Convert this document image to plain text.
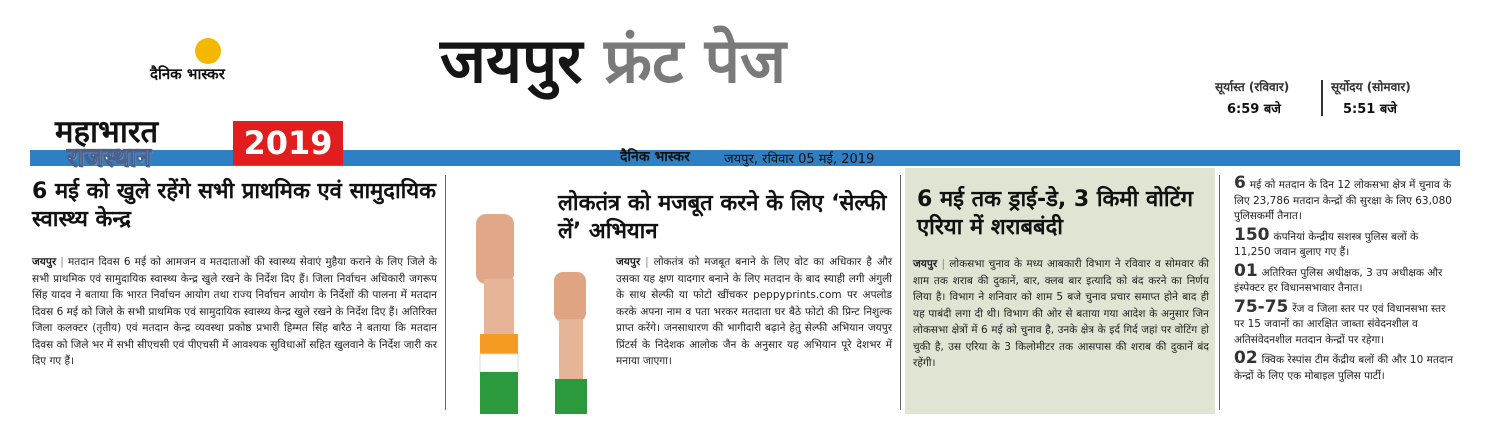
दैनिक भास्कर	जयपुर फ्रंट पेज	सूर्यास्त (रविवार)
6:59 बजे
सूर्योदय (सोमवार)
5:51 बजे
दैनिक भास्कर	जयपुर, रविवार 05 मई, 2019
महाभारत
राजस्थान	2019
6 मई को खुले रहेंगे सभी प्राथमिक एवं सामुदायिक स्वास्थ्य केन्द्र
जयपुर | मतदान दिवस 6 मई को आमजन व मतदाताओं की स्वास्थ्य सेवाएं मुहैया कराने के लिए जिले के सभी प्राथमिक एवं सामुदायिक स्वास्थ्य केन्द्र खुले रखने के निर्देश दिए हैं। जिला निर्वाचन अधिकारी जगरूप सिंह यादव ने बताया कि भारत निर्वाचन आयोग तथा राज्य निर्वाचन आयोग के निर्देशों की पालना में मतदान दिवस 6 मई को जिले के सभी प्राथमिक एवं सामुदायिक स्वास्थ्य केन्द्र खुले रखने के निर्देश दिए हैं। अतिरिक्त जिला कलक्टर (तृतीय) एवं मतदान केन्द्र व्यवस्था प्रकोष्ठ प्रभारी हिम्मत सिंह बारैठ ने बताया कि मतदान दिवस को जिले भर में सभी सीएचसी एवं पीएचसी में आवश्यक सुविधाओं सहित खुलवाने के निर्देश जारी कर दिए गए हैं।
लोकतंत्र को मजबूत करने के लिए ‘सेल्फी लें’ अभियान
जयपुर | लोकतंत्र को मजबूत बनाने के लिए वोट का अधिकार है और उसका यह क्षण यादगार बनाने के लिए मतदान के बाद स्याही लगी अंगुली के साथ सेल्फी या फोटो खींचकर peppyprints.com पर अपलोड करके अपना नाम व पता भरकर मतदाता घर बैठे फोटो की प्रिन्ट निशुल्क प्राप्त करेंगे। जनसाधारण की भागीदारी बढ़ाने हेतु सेल्फी अभियान जयपुर प्रिंटर्स के निदेशक आलोक जैन के अनुसार यह अभियान पूरे देशभर में मनाया जाएगा।
6 मई तक ड्राई-डे, 3 किमी वोटिंग एरिया में शराबबंदी
जयपुर | लोकसभा चुनाव के मध्य आबकारी विभाग ने रविवार व सोमवार की शाम तक शराब की दुकानें, बार, क्लब बार इत्यादि को बंद करने का निर्णय लिया है। विभाग ने शनिवार को शाम 5 बजे चुनाव प्रचार समाप्त होने बाद ही यह पाबंदी लगा दी थी। विभाग की ओर से बताया गया आदेश के अनुसार जिन लोकसभा क्षेत्रों में 6 मई को चुनाव है, उनके क्षेत्र के इर्द गिर्द जहां पर वोटिंग हो चुकी है, उस एरिया के 3 किलोमीटर तक आसपास की शराब की दुकानें बंद रहेंगी।
6 मई को मतदान के दिन 12 लोकसभा क्षेत्र में चुनाव के लिए 23,786 मतदान केन्द्रों की सुरक्षा के लिए 63,080 पुलिसकर्मी तैनात।
150 कंपनियां केन्द्रीय सशस्त्र पुलिस बलों के 11,250 जवान बुलाए गए हैं।
01 अतिरिक्त पुलिस अधीक्षक, 3 उप अधीक्षक और इंस्पेक्टर हर विधानसभावार तैनात।
75-75 रेंज व जिला स्तर पर एवं विधानसभा स्तर पर 15 जवानों का आरक्षित जाब्ता संवेदनशील व अतिसंवेदनशील मतदान केन्द्रों पर रहेगा।
02 क्विक रेस्पांस टीम केंद्रीय बलों की और 10 मतदान केन्द्रों के लिए एक मोबाइल पुलिस पार्टी।
